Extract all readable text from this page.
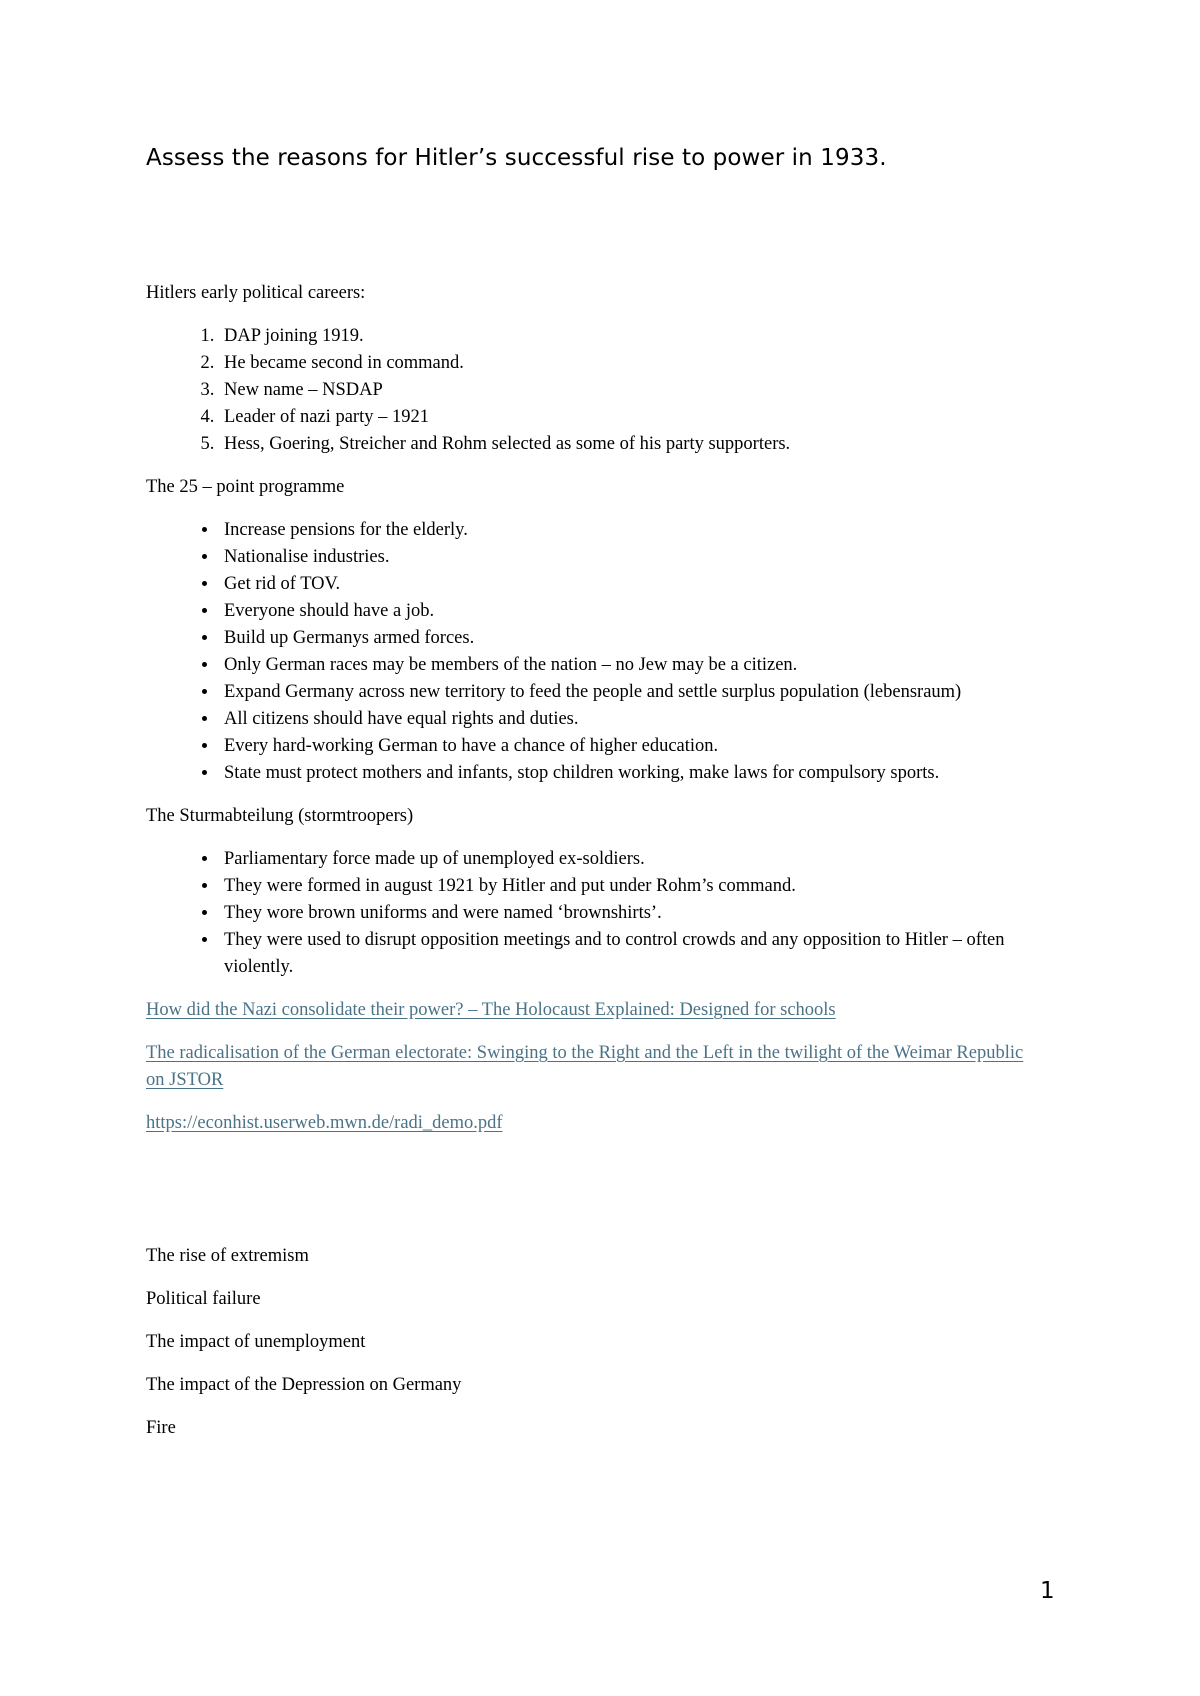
Assess the reasons for Hitler’s successful rise to power in 1933.

Hitlers early political careers:

1. DAP joining 1919.
2. He became second in command.
3. New name – NSDAP
4. Leader of nazi party – 1921
5. Hess, Goering, Streicher and Rohm selected as some of his party supporters.

The 25 – point programme

• Increase pensions for the elderly.
• Nationalise industries.
• Get rid of TOV.
• Everyone should have a job.
• Build up Germanys armed forces.
• Only German races may be members of the nation – no Jew may be a citizen.
• Expand Germany across new territory to feed the people and settle surplus population (lebensraum)
• All citizens should have equal rights and duties.
• Every hard-working German to have a chance of higher education.
• State must protect mothers and infants, stop children working, make laws for compulsory sports.

The Sturmabteilung (stormtroopers)

• Parliamentary force made up of unemployed ex-soldiers.
• They were formed in august 1921 by Hitler and put under Rohm’s command.
• They wore brown uniforms and were named ‘brownshirts’.
• They were used to disrupt opposition meetings and to control crowds and any opposition to Hitler – often violently.

How did the Nazi consolidate their power? – The Holocaust Explained: Designed for schools

The radicalisation of the German electorate: Swinging to the Right and the Left in the twilight of the Weimar Republic on JSTOR

https://econhist.userweb.mwn.de/radi_demo.pdf

The rise of extremism

Political failure

The impact of unemployment

The impact of the Depression on Germany

Fire

1
